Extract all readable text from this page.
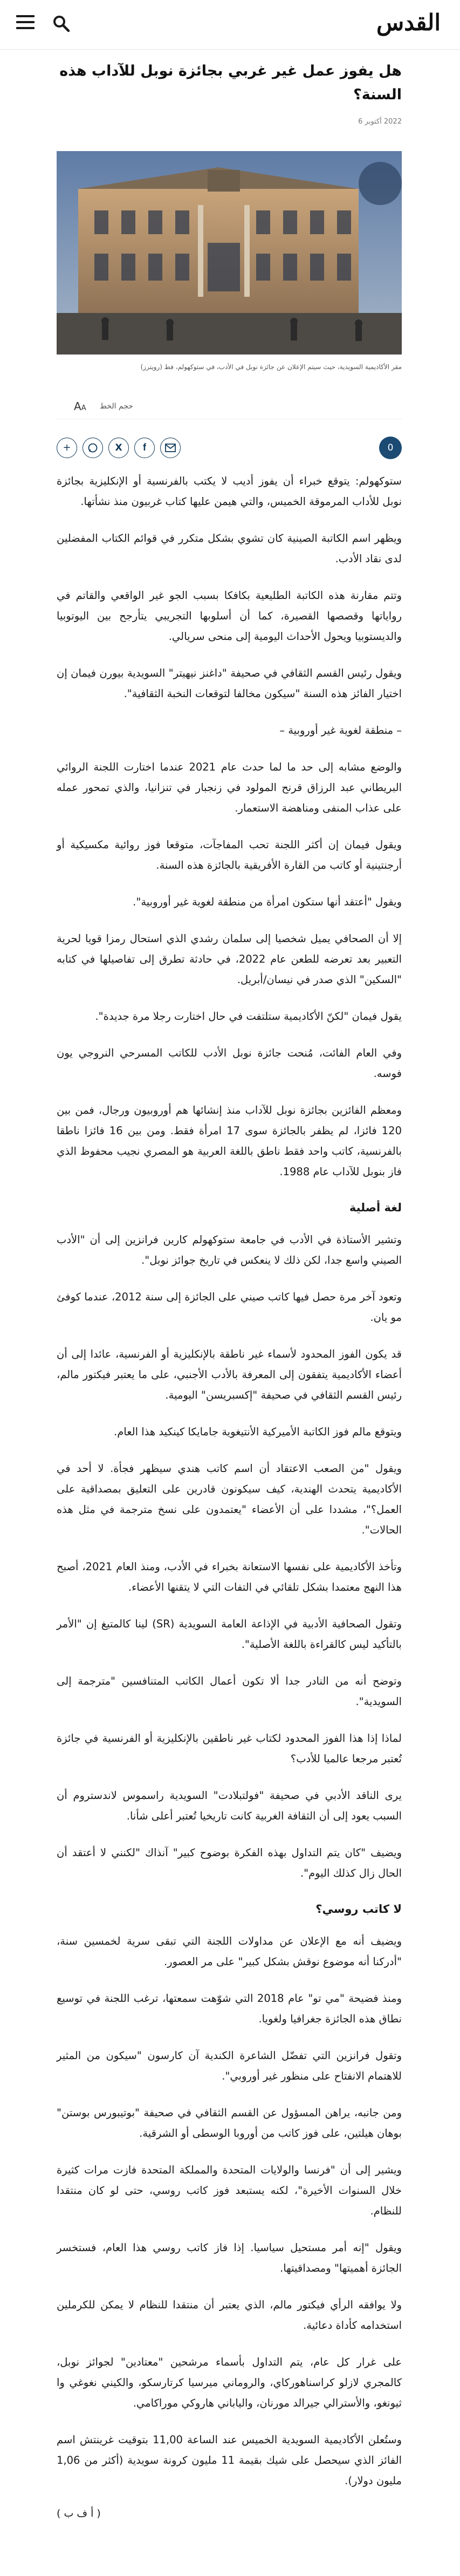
القدس
هل يفوز عمل غير غربي بجائزة نوبل للآداب هذه السنة؟
2022 أكتوبر 6
مقر الأكاديمية السويدية، حيث سيتم الإعلان عن جائزة نوبل في الأدب، في ستوكهولم، فط (رويترز)
حجم الخط
AA
0
+	X	f

ستوكهولم: يتوقع خبراء أن يفوز أديب لا يكتب بالفرنسية أو الإنكليزية بجائزة نوبل للأداب المرموقة الخميس، والتي هيمن عليها كتاب غربيون منذ نشأتها.

ويظهر اسم الكاتبة الصينية كان تشوي بشكل متكرر في قوائم الكتاب المفضلين لدى نقاد الأدب.

وتتم مقارنة هذه الكاتبة الطليعية بكافكا بسبب الجو غير الواقعي والقاتم في رواياتها وقصصها القصيرة، كما أن أسلوبها التجريبي يتأرجح بين اليوتوبيا والديستوبيا ويحول الأحداث اليومية إلى منحى سريالي.

ويقول رئيس القسم الثقافي في صحيفة "داغنز نيهيتر" السويدية بيورن فيمان إن اختيار الفائز هذه السنة "سيكون مخالفا لتوقعات النخبة الثقافية".

– منطقة لغوية غير أوروبية –

والوضع مشابه إلى حد ما لما حدث عام 2021 عندما اختارت اللجنة الروائي البريطاني عبد الرزاق قرنح المولود في زنجبار في تنزانيا، والذي تمحور عمله على عذاب المنفى ومناهضة الاستعمار.

ويقول فيمان إن أكثر اللجنة تحب المفاجآت، متوقعا فوز روائية مكسيكية أو أرجنتينية أو كاتب من القارة الأفريقية بالجائزة هذه السنة.

ويقول "أعتقد أنها ستكون امرأة من منطقة لغوية غير أوروبية".

إلا أن الصحافي يميل شخصيا إلى سلمان رشدي الذي استحال رمزا قويا لحرية التعبير بعد تعرضه للطعن عام 2022، في حادثة تطرق إلى تفاصيلها في كتابه "السكين" الذي صدر في نيسان/أبريل.

يقول فيمان "لكنّ الأكاديمية ستلتفت في حال اختارت رجلا مرة جديدة".

وفي العام الفائت، مُنحت جائزة نوبل الأدب للكاتب المسرحي النروجي يون فوسه.

ومعظم الفائزين بجائزة نوبل للآداب منذ إنشائها هم أوروبيون ورجال، فمن بين 120 فائزا، لم يظفر بالجائزة سوى 17 امرأة فقط. ومن بين 16 فائزا ناطقا بالفرنسية، كاتب واحد فقط ناطق باللغة العربية هو المصري نجيب محفوظ الذي فاز بنوبل للآداب عام 1988.

لغة أصلية

وتشير الأستاذة في الأدب في جامعة ستوكهولم كارين فرانزين إلى أن "الأدب الصيني واسع جدا، لكن ذلك لا ينعكس في تاريخ جوائز نوبل".

وتعود آخر مرة حصل فيها كاتب صيني على الجائزة إلى سنة 2012، عندما كوفئ مو يان.

قد يكون الفوز المحدود لأسماء غير ناطقة بالإنكليزية أو الفرنسية، عائدا إلى أن أعضاء الأكاديمية يتفقون إلى المعرفة بالأدب الأجنبي، على ما يعتبر فيكتور مالم، رئيس القسم الثقافي في صحيفة "إكسبريسن" اليومية.

ويتوقع مالم فوز الكاتبة الأميركية الأنتيغوية جامايكا كينكيد هذا العام.

ويقول "من الصعب الاعتقاد أن اسم كاتب هندي سيظهر فجأة. لا أحد في الأكاديمية يتحدث الهندية، كيف سيكونون قادرين على التعليق بمصداقية على العمل؟"، مشددا على أن الأعضاء "يعتمدون على نسخ مترجمة في مثل هذه الحالات".

وتأخذ الأكاديمية على نفسها الاستعانة بخبراء في الأدب، ومنذ العام 2021، أصبح هذا النهج معتمدا بشكل تلقائي في التفات التي لا يتقنها الأعضاء.

وتقول الصحافية الأدبية في الإذاعة العامة السويدية (SR) لينا كالمتيغ إن "الأمر بالتأكيد ليس كالقراءة باللغة الأصلية".

وتوضح أنه من النادر جدا ألا تكون أعمال الكاتب المتنافسين "مترجمة إلى السويدية".

لماذا إذا هذا الفوز المحدود لكتاب غير ناطقين بالإنكليزية أو الفرنسية في جائزة تُعتبر مرجعا عالميا للأدب؟

يرى الناقد الأدبي في صحيفة "فولتبلادت" السويدية راسموس لاندستروم أن السبب يعود إلى أن الثقافة الغربية كانت تاريخيا تُعتبر أعلى شأنا.

ويضيف "كان يتم التداول بهذه الفكرة بوضوح كبير" آنذاك "لكنني لا أعتقد أن الحال زال كذلك اليوم".

لا كاتب روسي؟

ويضيف أنه مع الإعلان عن مداولات اللجنة التي تبقى سرية لخمسين سنة، "أدركنا أنه موضوع نوقش بشكل كبير" على مر العصور.

ومنذ فضيحة "مي تو" عام 2018 التي شوّهت سمعتها، ترغب اللجنة في توسيع نطاق هذه الجائزة جغرافيا ولغويا.

وتقول فرانزين التي تفضّل الشاعرة الكندية آن كارسون "سيكون من المثير للاهتمام الانفتاح على منظور غير أوروبي".

ومن جانبه، يراهن المسؤول عن القسم الثقافي في صحيفة "بوتيبورس بوستن" بوهان هيلتين، على فوز كاتب من أوروبا الوسطى أو الشرقية.

ويشير إلى أن "فرنسا والولايات المتحدة والمملكة المتحدة فازت مرات كثيرة خلال السنوات الأخيرة"، لكنه يستبعد فوز كاتب روسي، حتى لو كان منتقدا للنظام.

ويقول "إنه أمر مستحيل سياسيا. إذا فاز كاتب روسي هذا العام، فستخسر الجائزة أهميتها" ومصداقيتها.

ولا يوافقه الرأي فيكتور مالم، الذي يعتبر أن منتقدا للنظام لا يمكن للكرملين استخدامه كأداة دعائية.

على غرار كل عام، يتم التداول بأسماء مرشحين "معتادين" لجوائز نوبل، كالمجري لازلو كراسناهوركاي، والروماني ميرسيا كرتارسكو، والكيني نغوغي وا ثيونغو، والأسترالي جيرالد مورنان، والياباني هاروكي موراكامي.

وستُعلن الأكاديمية السويدية الخميس عند الساعة 11,00 بتوقيت غرينتش اسم الفائز الذي سيحصل على شيك بقيمة 11 مليون كرونة سويدية (أكثر من 1,06 مليون دولار).

( أ ف ب )
